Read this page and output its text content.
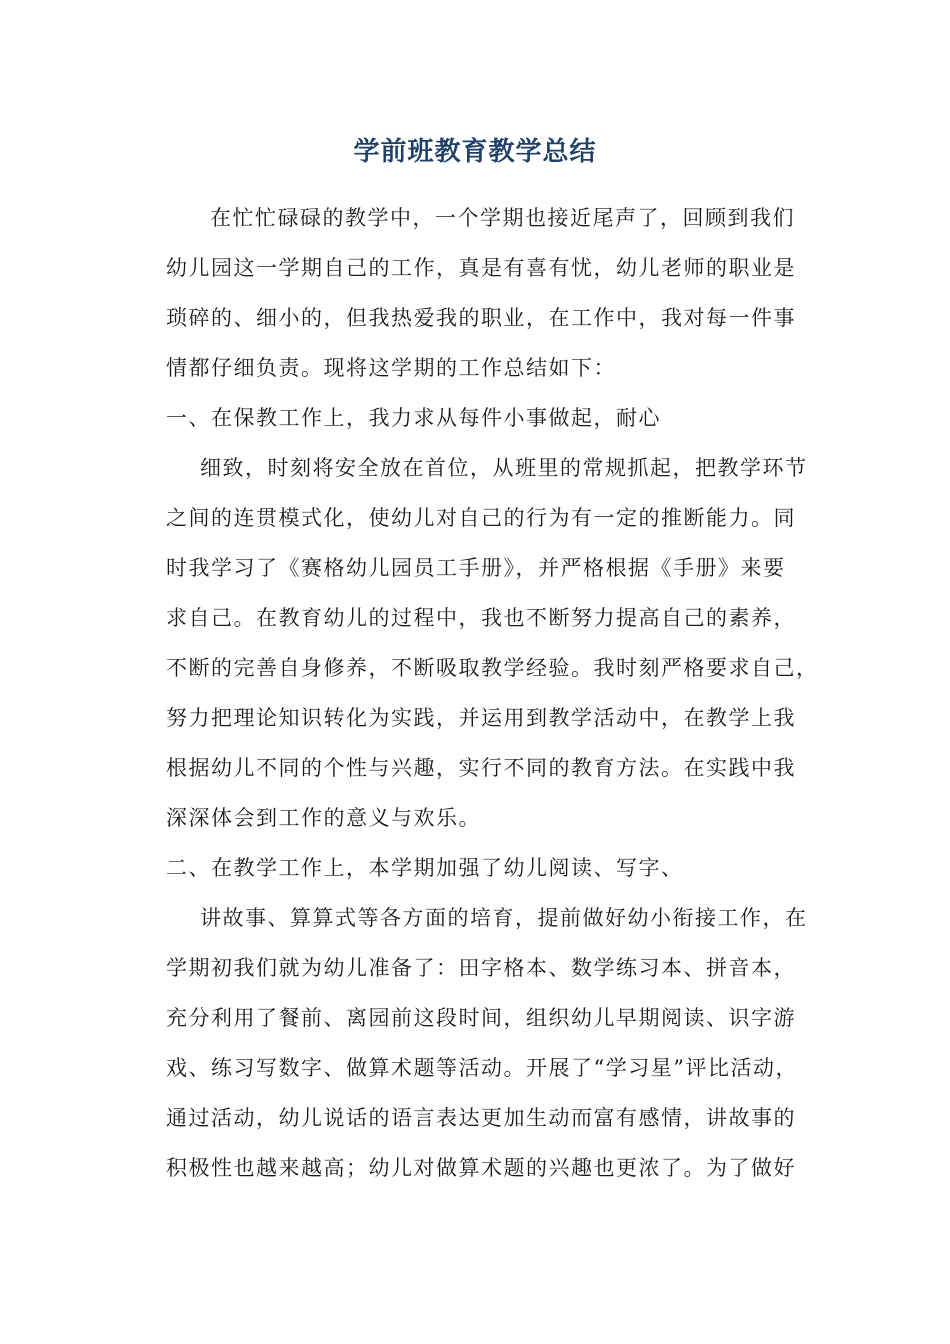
学前班教育教学总结
在忙忙碌碌的教学中，一个学期也接近尾声了，回顾到我们
幼儿园这一学期自己的工作，真是有喜有忧，幼儿老师的职业是
琐碎的、细小的，但我热爱我的职业，在工作中，我对每一件事
情都仔细负责。现将这学期的工作总结如下：
一、在保教工作上，我力求从每件小事做起，耐心
细致，时刻将安全放在首位，从班里的常规抓起，把教学环节
之间的连贯模式化，使幼儿对自己的行为有一定的推断能力。同
时我学习了《赛格幼儿园员工手册》，并严格根据《手册》来要
求自己。在教育幼儿的过程中，我也不断努力提高自己的素养，
不断的完善自身修养，不断吸取教学经验。我时刻严格要求自己，
努力把理论知识转化为实践，并运用到教学活动中，在教学上我
根据幼儿不同的个性与兴趣，实行不同的教育方法。在实践中我
深深体会到工作的意义与欢乐。
二、在教学工作上，本学期加强了幼儿阅读、写字、
讲故事、算算式等各方面的培育，提前做好幼小衔接工作，在
学期初我们就为幼儿准备了：田字格本、数学练习本、拼音本，
充分利用了餐前、离园前这段时间，组织幼儿早期阅读、识字游
戏、练习写数字、做算术题等活动。开展了“学习星”评比活动，
通过活动，幼儿说话的语言表达更加生动而富有感情，讲故事的
积极性也越来越高；幼儿对做算术题的兴趣也更浓了。为了做好
